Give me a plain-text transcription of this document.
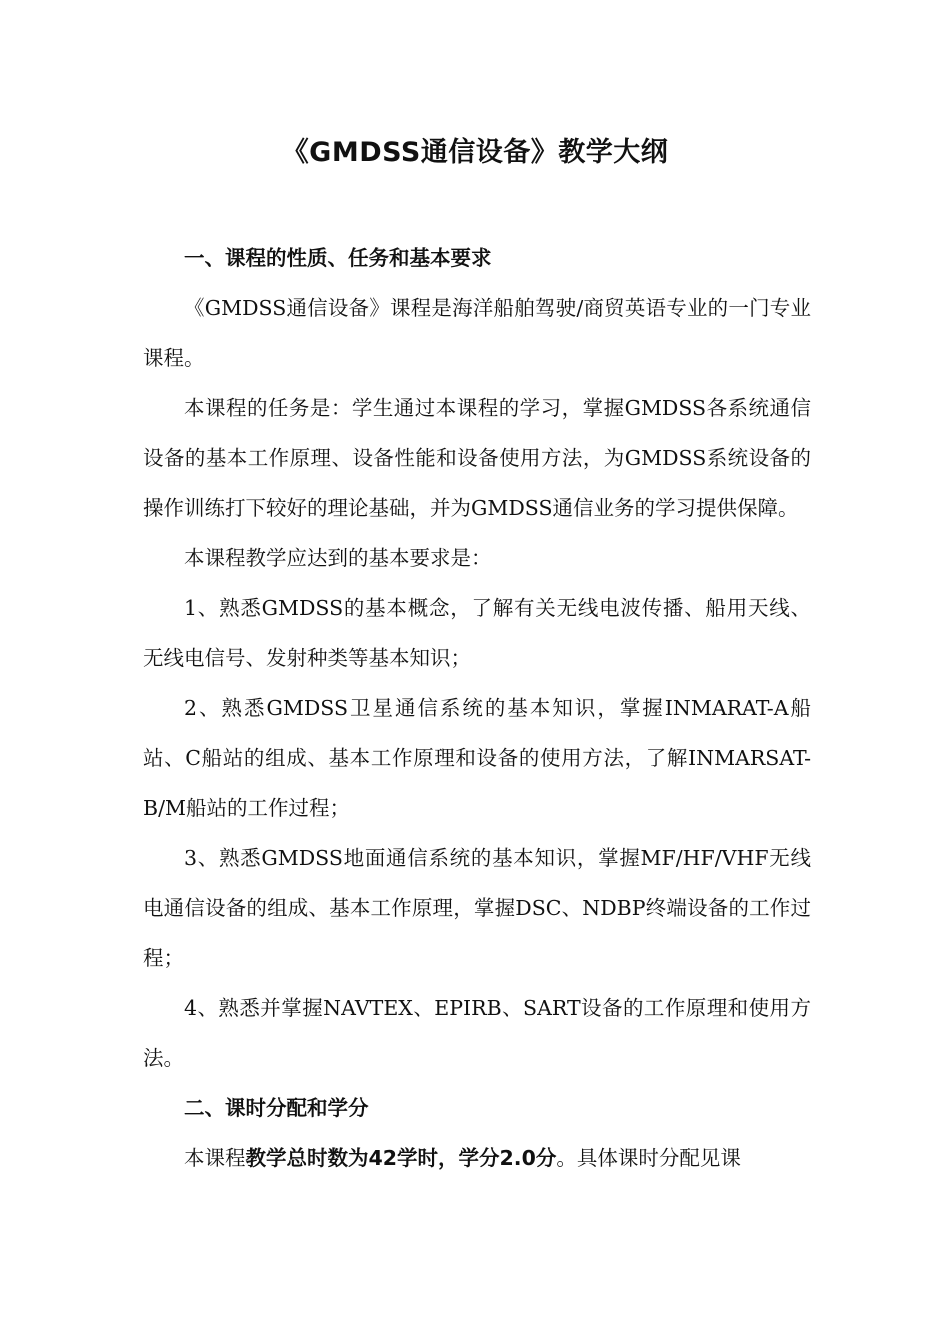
《GMDSS通信设备》教学大纲

一、课程的性质、任务和基本要求

《GMDSS通信设备》课程是海洋船舶驾驶/商贸英语专业的一门专业课程。

本课程的任务是：学生通过本课程的学习，掌握GMDSS各系统通信设备的基本工作原理、设备性能和设备使用方法，为GMDSS系统设备的操作训练打下较好的理论基础，并为GMDSS通信业务的学习提供保障。

本课程教学应达到的基本要求是：

1、熟悉GMDSS的基本概念，了解有关无线电波传播、船用天线、无线电信号、发射种类等基本知识；

2、熟悉GMDSS卫星通信系统的基本知识，掌握INMARAT-A船站、C船站的组成、基本工作原理和设备的使用方法，了解INMARSAT-B/M船站的工作过程；

3、熟悉GMDSS地面通信系统的基本知识，掌握MF/HF/VHF无线电通信设备的组成、基本工作原理，掌握DSC、NDBP终端设备的工作过程；

4、熟悉并掌握NAVTEX、EPIRB、SART设备的工作原理和使用方法。

二、课时分配和学分

本课程教学总时数为42学时，学分2.0分。具体课时分配见课
